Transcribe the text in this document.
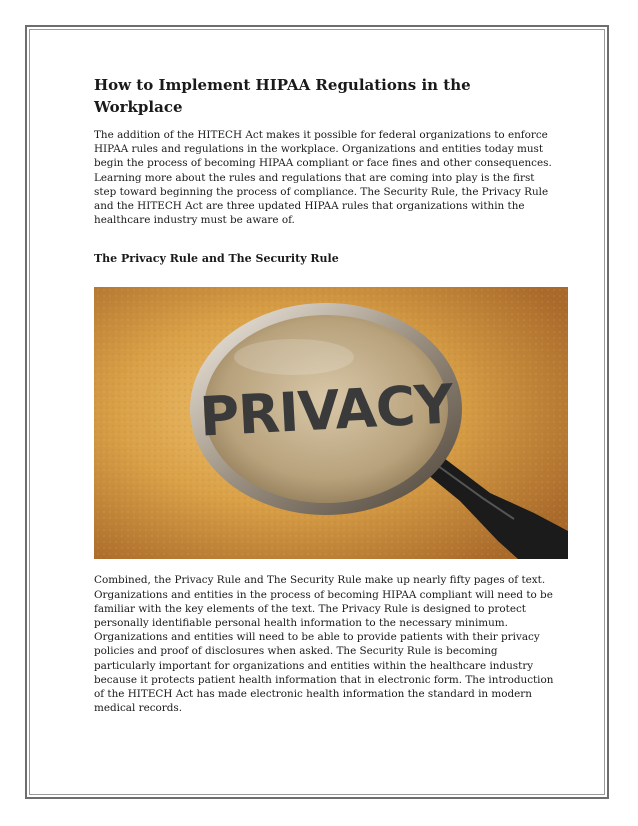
How to Implement HIPAA Regulations in the Workplace

The addition of the HITECH Act makes it possible for federal organizations to enforce HIPAA rules and regulations in the workplace. Organizations and entities today must begin the process of becoming HIPAA compliant or face fines and other consequences. Learning more about the rules and regulations that are coming into play is the first step toward beginning the process of compliance. The Security Rule, the Privacy Rule and the HITECH Act are three updated HIPAA rules that organizations within the healthcare industry must be aware of.

The Privacy Rule and The Security Rule
PRIVACY

Combined, the Privacy Rule and The Security Rule make up nearly fifty pages of text. Organizations and entities in the process of becoming HIPAA compliant will need to be familiar with the key elements of the text. The Privacy Rule is designed to protect personally identifiable personal health information to the necessary minimum. Organizations and entities will need to be able to provide patients with their privacy policies and proof of disclosures when asked. The Security Rule is becoming particularly important for organizations and entities within the healthcare industry because it protects patient health information that in electronic form. The introduction of the HITECH Act has made electronic health information the standard in modern medical records.
